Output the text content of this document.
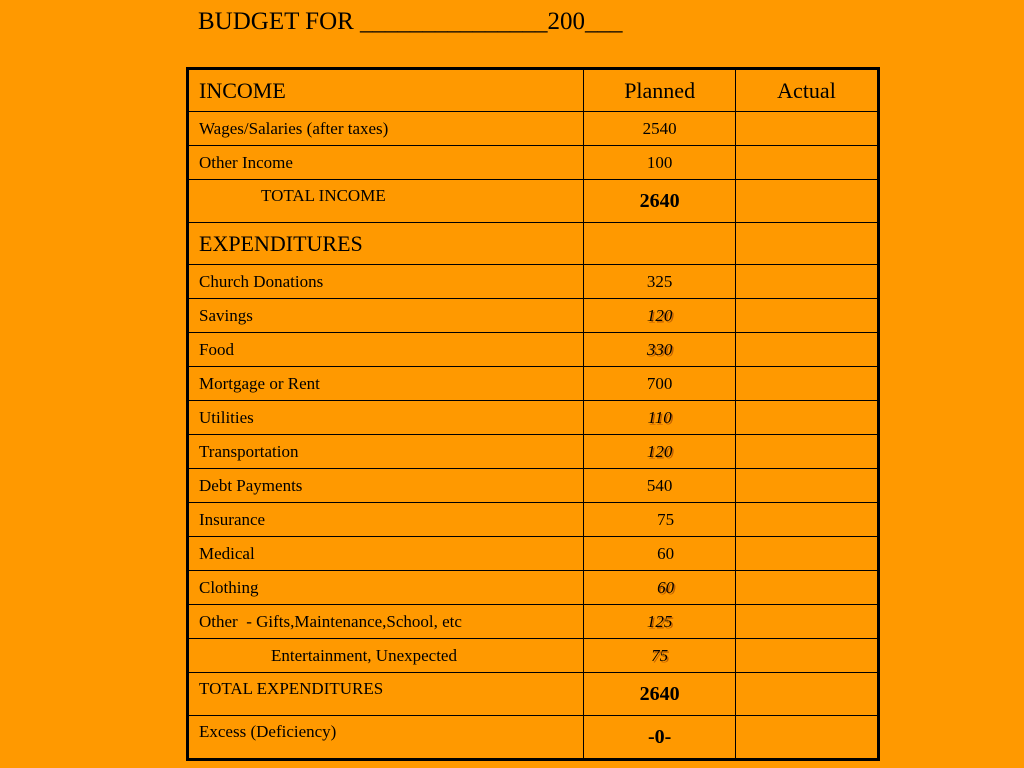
BUDGET FOR _______________200___
INCOME	Planned	Actual
Wages/Salaries (after taxes)	2540	
Other Income	100	
TOTAL INCOME	2640	
EXPENDITURES		
Church Donations	325	
Savings	120	
Food	330	
Mortgage or Rent	700	
Utilities	110	
Transportation	120	
Debt Payments	540	
Insurance	75	
Medical	60	
Clothing	60	
Other  - Gifts,Maintenance,School, etc	125	
Entertainment, Unexpected	75	
TOTAL EXPENDITURES	2640	
Excess (Deficiency)	-0-	
